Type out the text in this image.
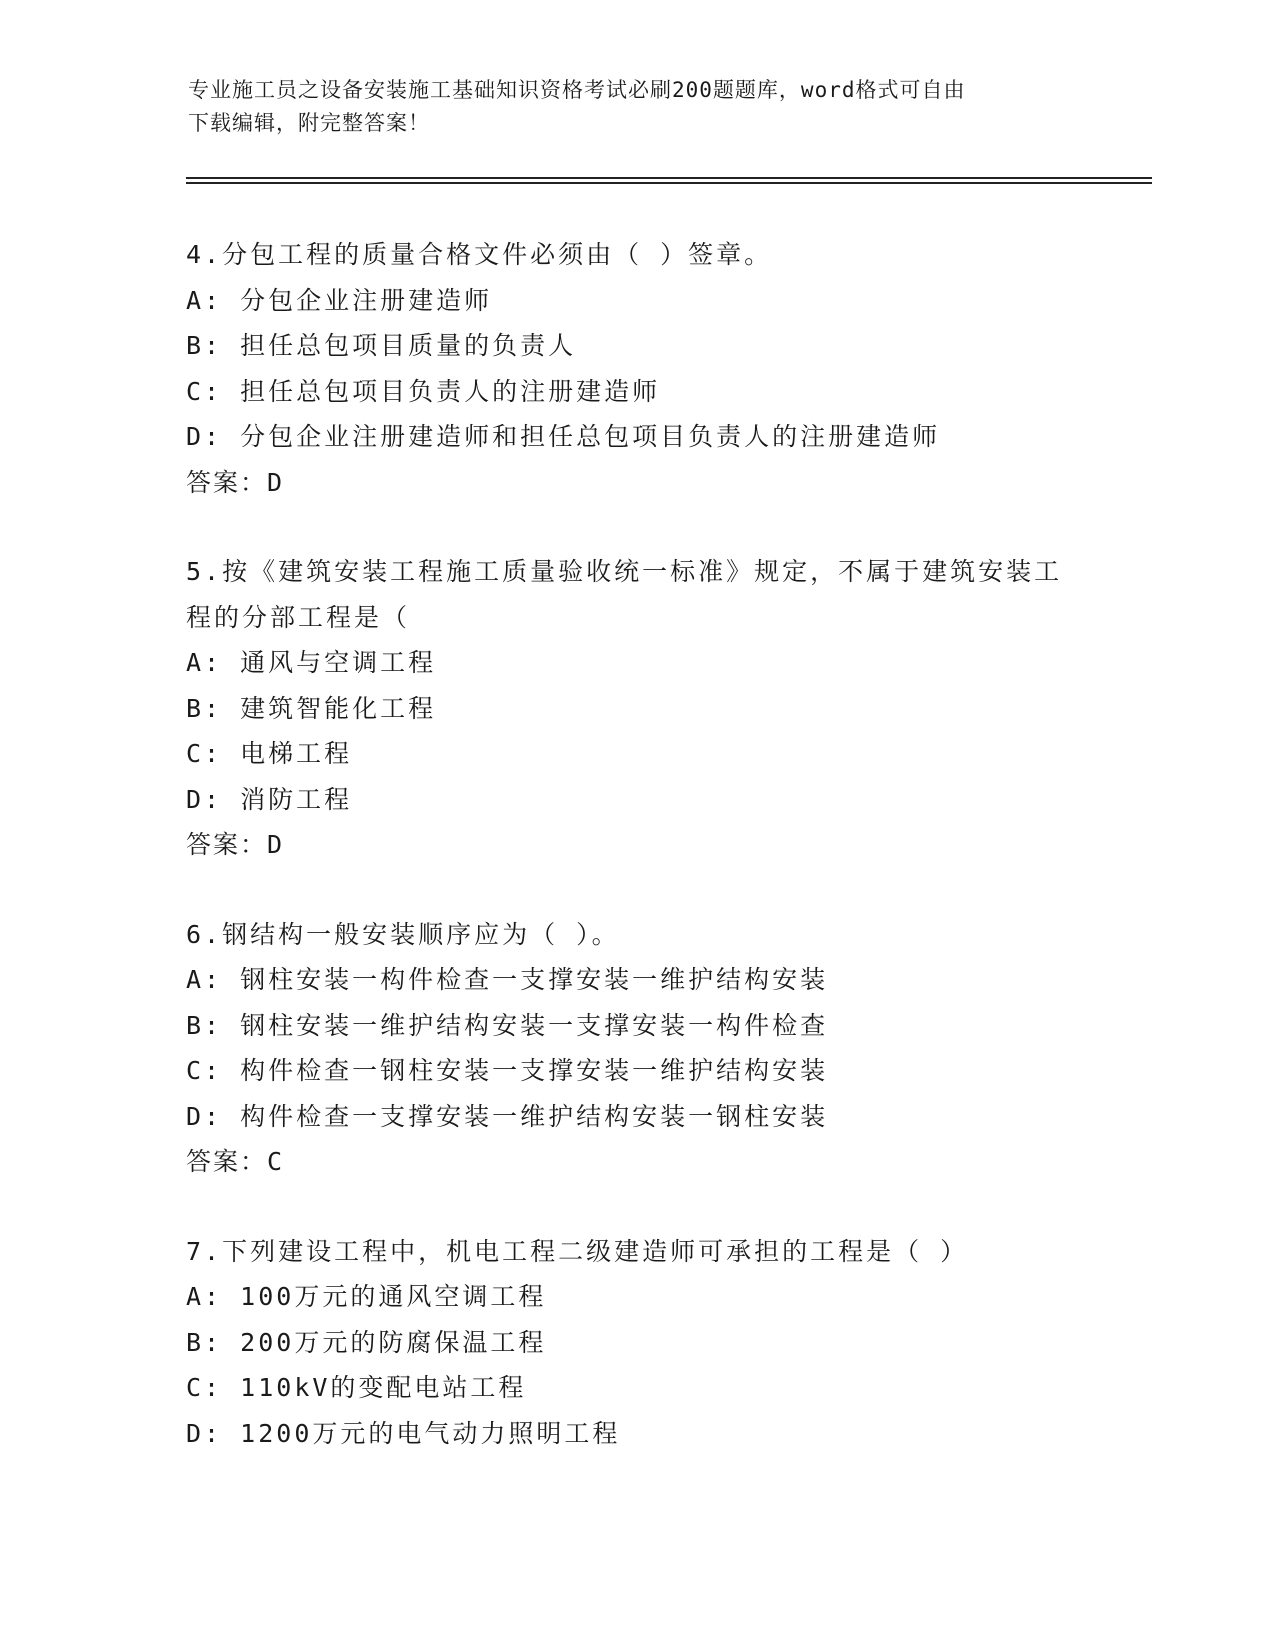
专业施工员之设备安装施工基础知识资格考试必刷200题题库，word格式可自由
下载编辑，附完整答案！
4.分包工程的质量合格文件必须由（ ）签章。
A: 分包企业注册建造师
B: 担任总包项目质量的负责人
C: 担任总包项目负责人的注册建造师
D: 分包企业注册建造师和担任总包项目负责人的注册建造师
答案：D
5.按《建筑安装工程施工质量验收统一标准》规定，不属于建筑安装工程的分部工程是（
A: 通风与空调工程
B: 建筑智能化工程
C: 电梯工程
D: 消防工程
答案：D
6.钢结构一般安装顺序应为（ ）。
A: 钢柱安装一构件检查一支撑安装一维护结构安装
B: 钢柱安装一维护结构安装一支撑安装一构件检查
C: 构件检查一钢柱安装一支撑安装一维护结构安装
D: 构件检查一支撑安装一维护结构安装一钢柱安装
答案：C
7.下列建设工程中，机电工程二级建造师可承担的工程是（ ）
A: 100万元的通风空调工程
B: 200万元的防腐保温工程
C: 110kV的变配电站工程
D: 1200万元的电气动力照明工程
